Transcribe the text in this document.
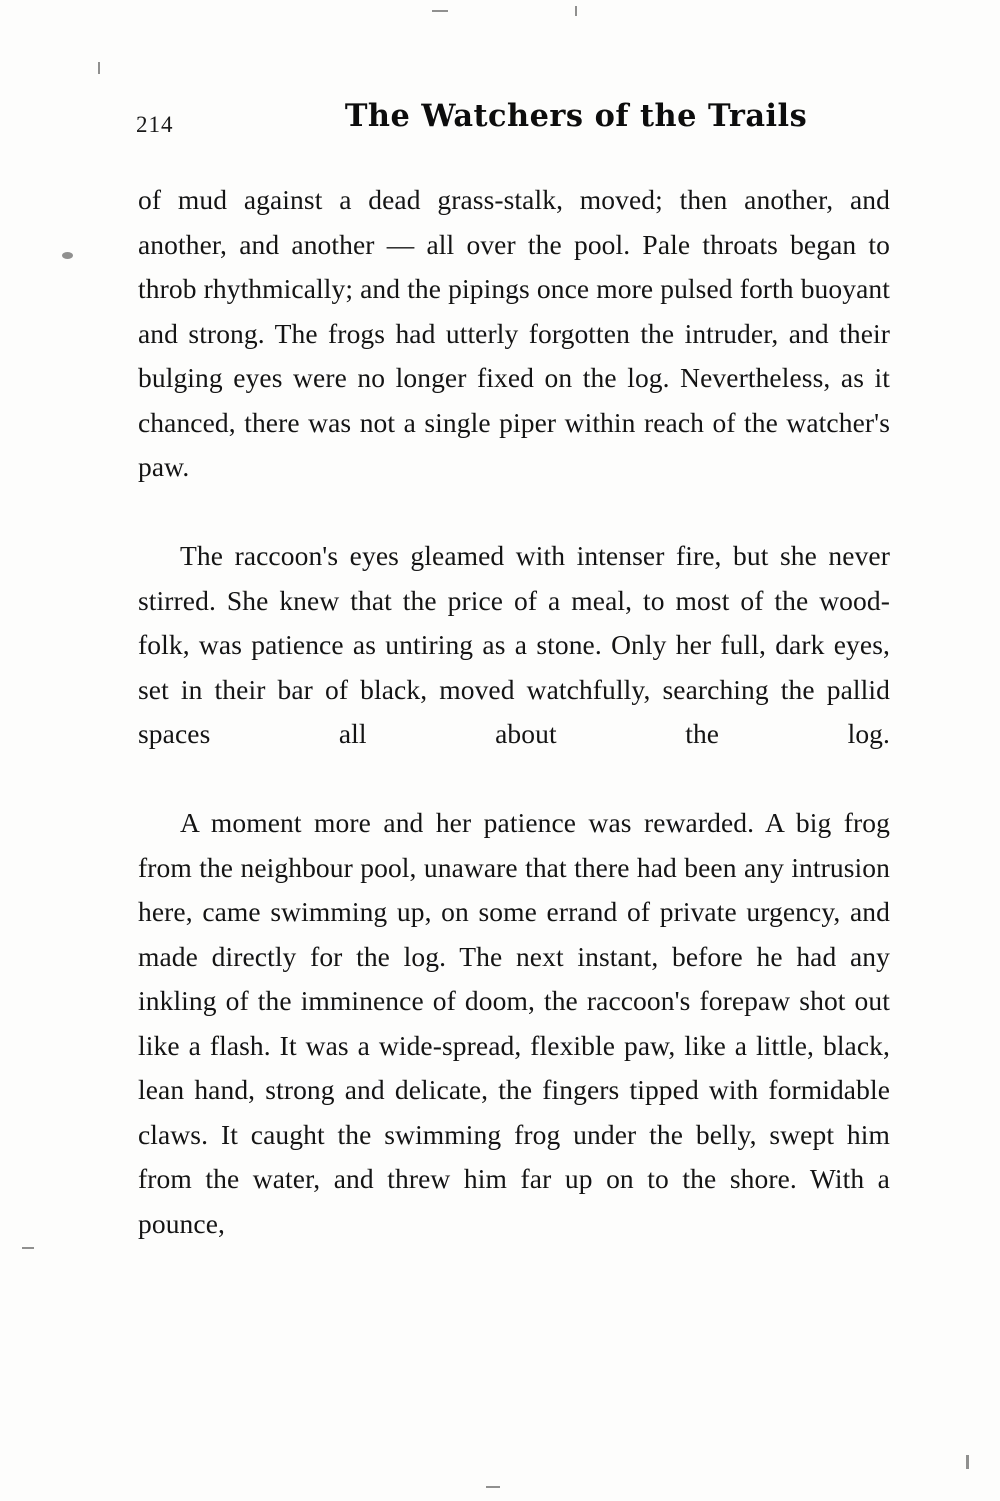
214	The Watchers of the Trails

of mud against a dead grass-stalk, moved; then another, and another, and another — all over the pool. Pale throats began to throb rhythmically; and the pipings once more pulsed forth buoyant and strong. The frogs had utterly forgotten the intruder, and their bulging eyes were no longer fixed on the log. Nevertheless, as it chanced, there was not a single piper within reach of the watcher's paw.

The raccoon's eyes gleamed with intenser fire, but she never stirred. She knew that the price of a meal, to most of the wood-folk, was patience as untiring as a stone. Only her full, dark eyes, set in their bar of black, moved watchfully, searching the pallid spaces all about the log.

A moment more and her patience was rewarded. A big frog from the neighbour pool, unaware that there had been any intrusion here, came swimming up, on some errand of private urgency, and made directly for the log. The next instant, before he had any inkling of the imminence of doom, the raccoon's forepaw shot out like a flash. It was a wide-spread, flexible paw, like a little, black, lean hand, strong and delicate, the fingers tipped with formidable claws. It caught the swimming frog under the belly, swept him from the water, and threw him far up on to the shore. With a pounce,
